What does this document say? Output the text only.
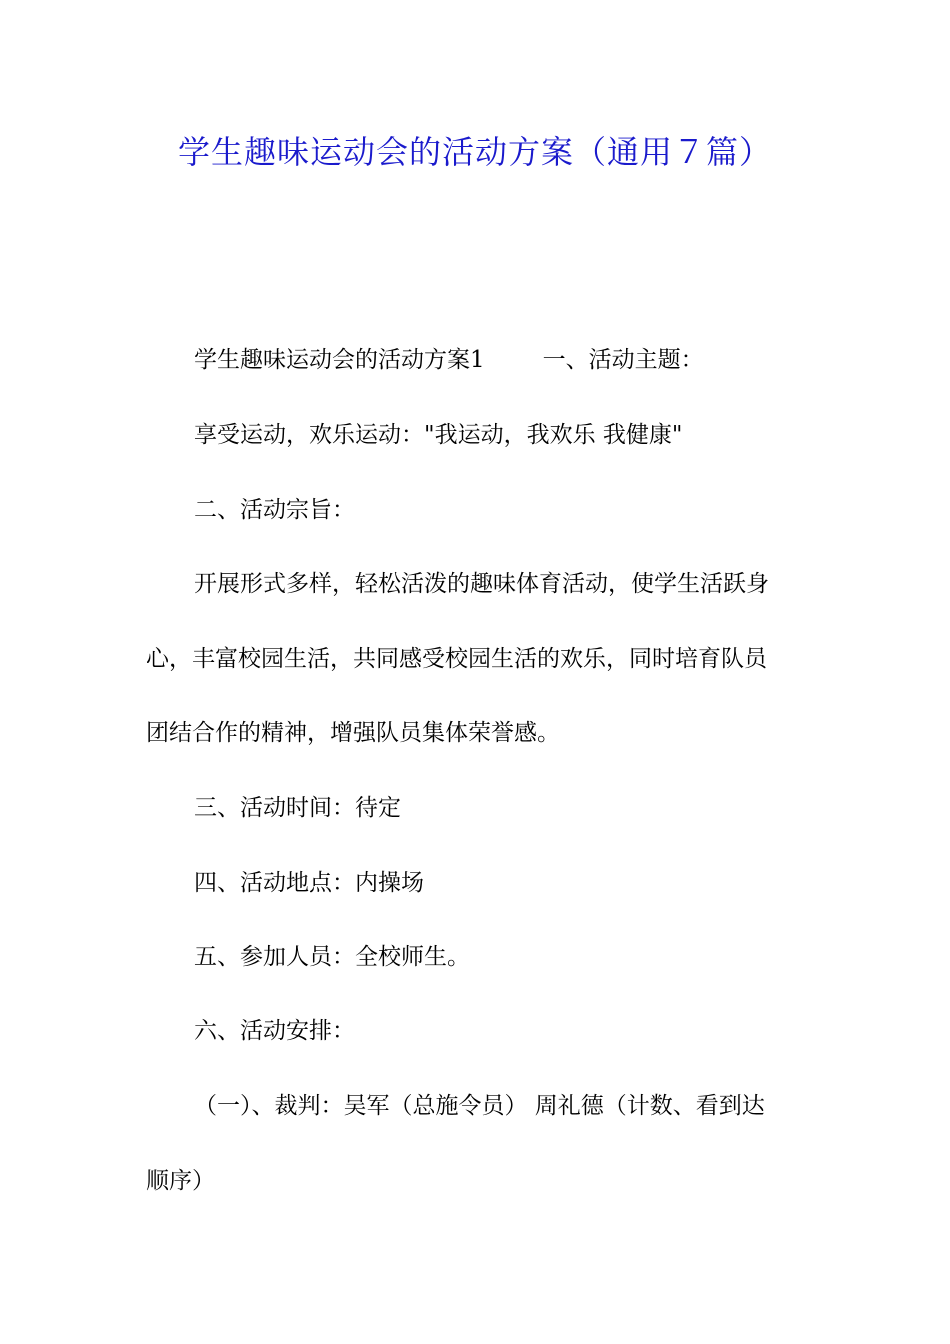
学生趣味运动会的活动方案（通用７篇）
学生趣味运动会的活动方案1	一、活动主题：
享受运动，欢乐运动："我运动，我欢乐 我健康"
二、活动宗旨：
开展形式多样，轻松活泼的趣味体育活动，使学生活跃身
心，丰富校园生活，共同感受校园生活的欢乐，同时培育队员
团结合作的精神，增强队员集体荣誉感。
三、活动时间：待定
四、活动地点：内操场
五、参加人员：全校师生。
六、活动安排：
（一）、裁判：吴军（总施令员） 周礼德（计数、看到达
顺序）
